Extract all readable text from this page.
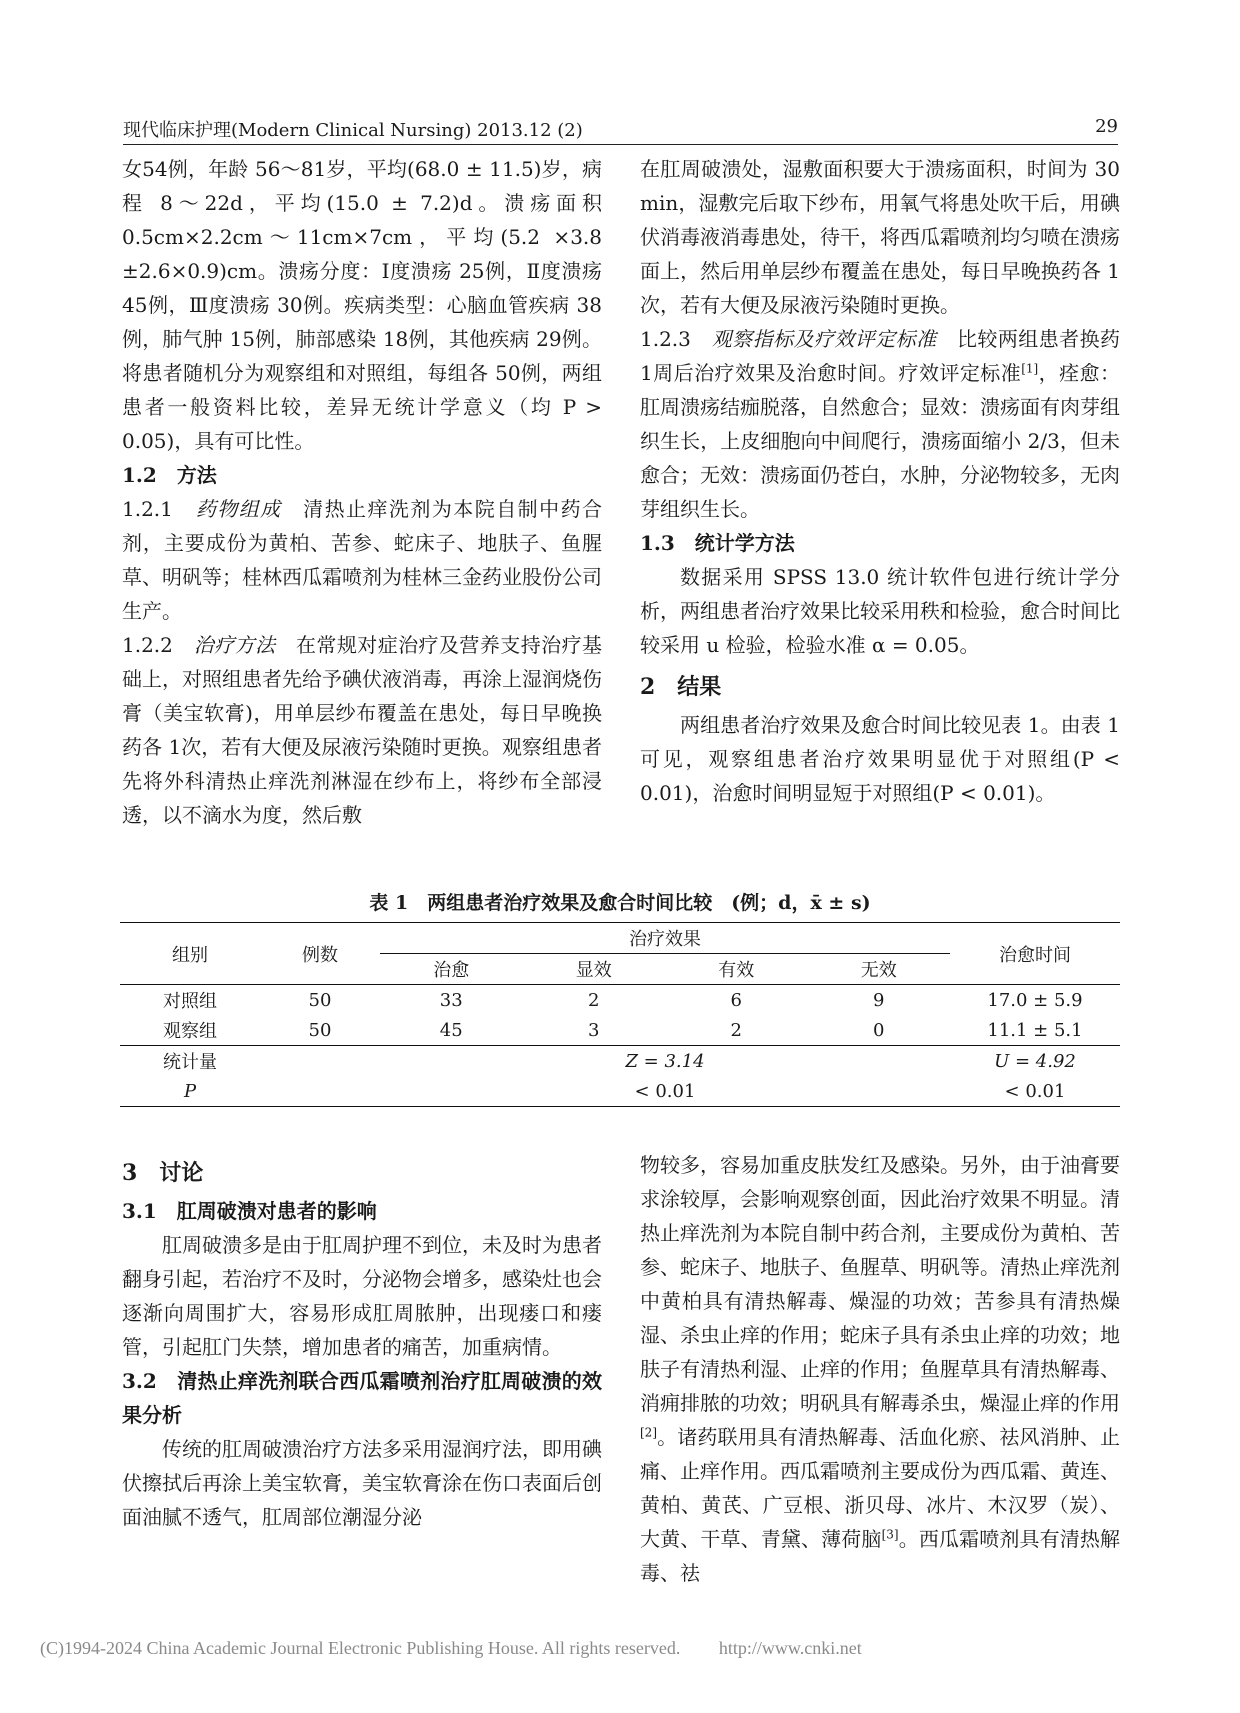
现代临床护理(Modern Clinical Nursing) 2013.12 (2)	29

女54例，年龄 56～81岁，平均(68.0 ± 11.5)岁，病程 8～22d，平均(15.0 ± 7.2)d。溃疡面积 0.5cm×2.2cm～11cm×7cm，平均(5.2 ×3.8 ±2.6×0.9)cm。溃疡分度：Ⅰ度溃疡 25例，Ⅱ度溃疡 45例，Ⅲ度溃疡 30例。疾病类型：心脑血管疾病 38例，肺气肿 15例，肺部感染 18例，其他疾病 29例。将患者随机分为观察组和对照组，每组各 50例，两组患者一般资料比较，差异无统计学意义（均 P > 0.05)，具有可比性。

1.2　方法

1.2.1　 药物组成　 清热止痒洗剂为本院自制中药合剂，主要成份为黄柏、苦参、蛇床子、地肤子、鱼腥草、明矾等；桂林西瓜霜喷剂为桂林三金药业股份公司生产。

1.2.2　 治疗方法　 在常规对症治疗及营养支持治疗基础上，对照组患者先给予碘伏液消毒，再涂上湿润烧伤膏（美宝软膏)，用单层纱布覆盖在患处，每日早晚换药各 1次，若有大便及尿液污染随时更换。观察组患者先将外科清热止痒洗剂淋湿在纱布上，将纱布全部浸透，以不滴水为度，然后敷

在肛周破溃处，湿敷面积要大于溃疡面积，时间为 30 min，湿敷完后取下纱布，用氧气将患处吹干后，用碘伏消毒液消毒患处，待干，将西瓜霜喷剂均匀喷在溃疡面上，然后用单层纱布覆盖在患处，每日早晚换药各 1次，若有大便及尿液污染随时更换。

1.2.3　 观察指标及疗效评定标准　 比较两组患者换药 1周后治疗效果及治愈时间。疗效评定标准[1]，痊愈：肛周溃疡结痂脱落，自然愈合；显效：溃疡面有肉芽组织生长，上皮细胞向中间爬行，溃疡面缩小 2/3，但未愈合；无效：溃疡面仍苍白，水肿，分泌物较多，无肉芽组织生长。

1.3　统计学方法

数据采用 SPSS 13.0 统计软件包进行统计学分析，两组患者治疗效果比较采用秩和检验，愈合时间比较采用 u 检验，检验水准 α = 0.05。

2　结果

两组患者治疗效果及愈合时间比较见表 1。由表 1可见，观察组患者治疗效果明显优于对照组(P < 0.01)，治愈时间明显短于对照组(P < 0.01)。

表 1　两组患者治疗效果及愈合时间比较　(例；d，x̄ ± s)
组别	例数	治疗效果				治愈时间
		治愈	显效	有效	无效	
对照组	50	33	2	6	9	17.0 ± 5.9
观察组	50	45	3	2	0	11.1 ± 5.1
统计量		Z = 3.14				U = 4.92
P		< 0.01				< 0.01

3　讨论

3.1　肛周破溃对患者的影响

肛周破溃多是由于肛周护理不到位，未及时为患者翻身引起，若治疗不及时，分泌物会增多，感染灶也会逐渐向周围扩大，容易形成肛周脓肿，出现瘘口和瘘管，引起肛门失禁，增加患者的痛苦，加重病情。

3.2　清热止痒洗剂联合西瓜霜喷剂治疗肛周破溃的效果分析

传统的肛周破溃治疗方法多采用湿润疗法，即用碘伏擦拭后再涂上美宝软膏，美宝软膏涂在伤口表面后创面油腻不透气，肛周部位潮湿分泌

物较多，容易加重皮肤发红及感染。另外，由于油膏要求涂较厚，会影响观察创面，因此治疗效果不明显。清热止痒洗剂为本院自制中药合剂，主要成份为黄柏、苦参、蛇床子、地肤子、鱼腥草、明矾等。清热止痒洗剂中黄柏具有清热解毒、燥湿的功效；苦参具有清热燥湿、杀虫止痒的作用；蛇床子具有杀虫止痒的功效；地肤子有清热利湿、止痒的作用；鱼腥草具有清热解毒、消痈排脓的功效；明矾具有解毒杀虫，燥湿止痒的作用[2]。诸药联用具有清热解毒、活血化瘀、祛风消肿、止痛、止痒作用。西瓜霜喷剂主要成份为西瓜霜、黄连、黄柏、黄芪、广豆根、浙贝母、冰片、木汉罗（炭）、大黄、干草、青黛、薄荷脑[3]。西瓜霜喷剂具有清热解毒、祛

(C)1994-2024 China Academic Journal Electronic Publishing House. All rights reserved. http://www.cnki.net
